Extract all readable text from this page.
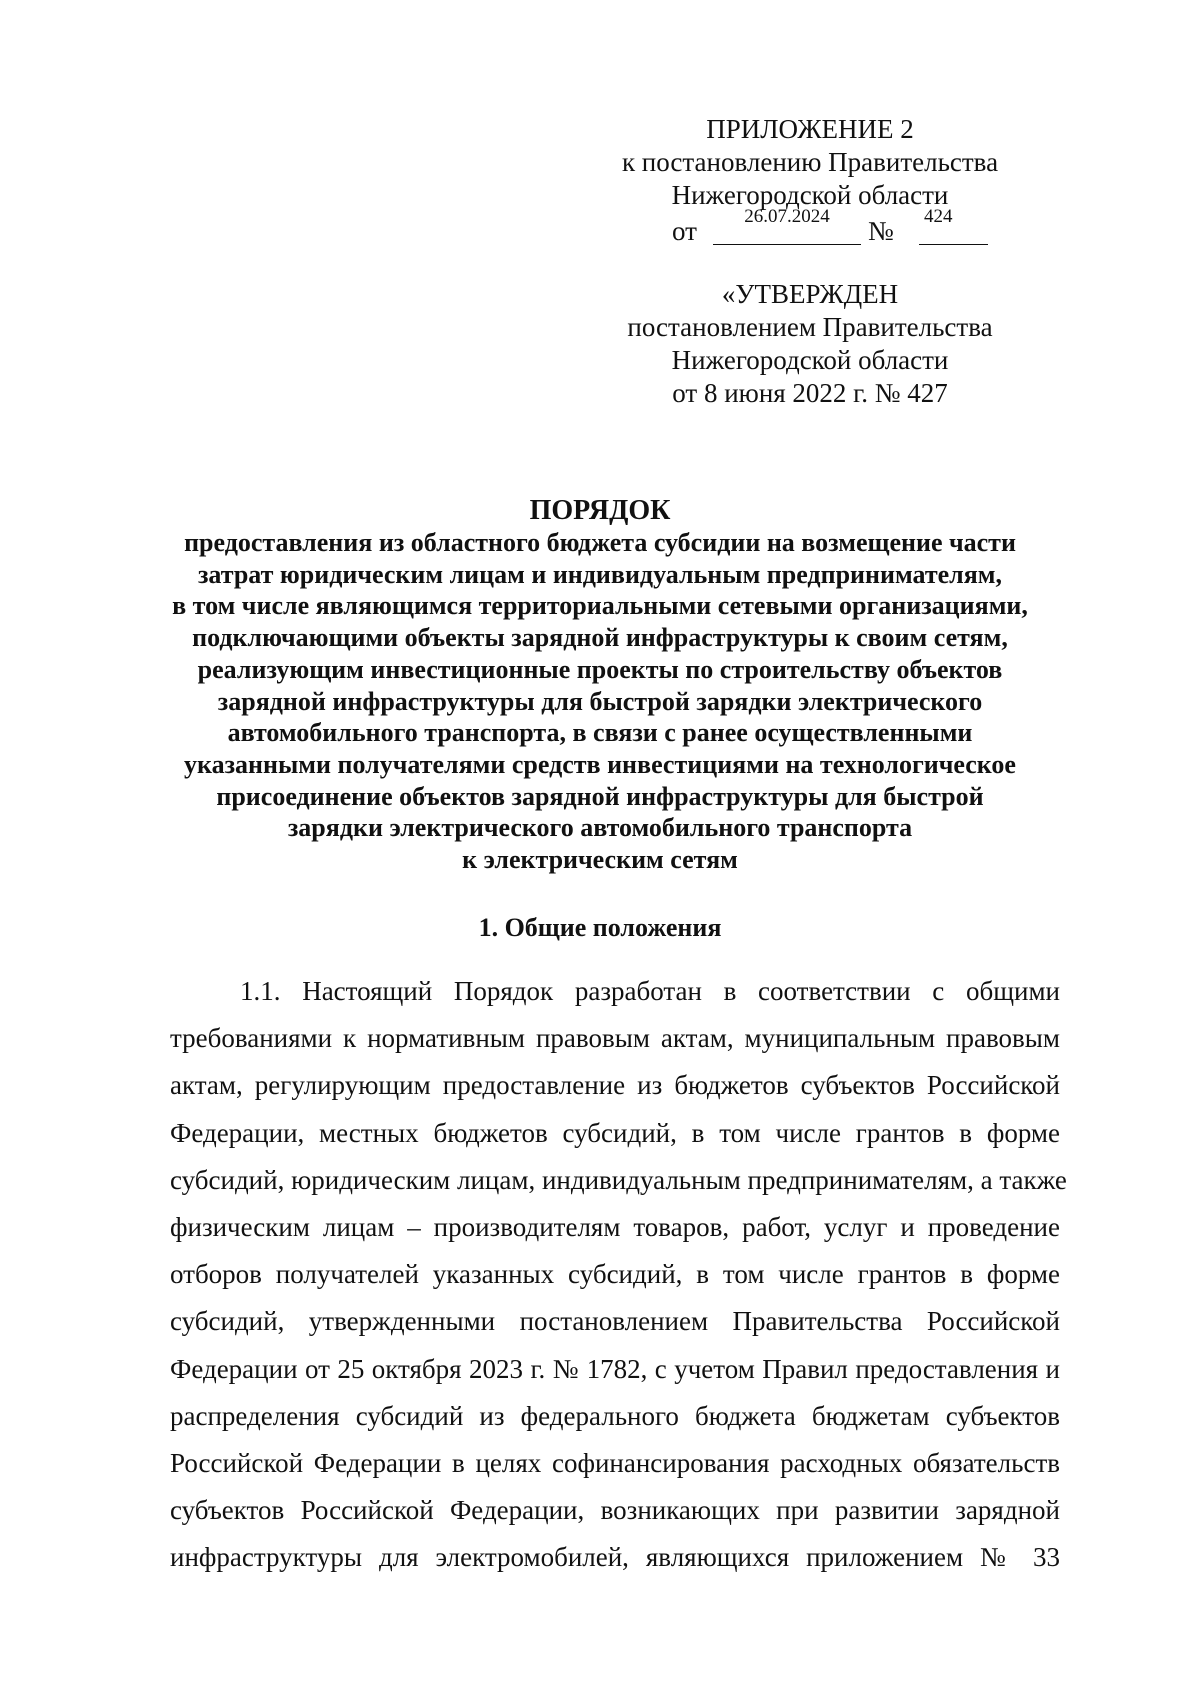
ПРИЛОЖЕНИЕ 2
к постановлению Правительства
Нижегородской области
от	26.07.2024	№ 424
«УТВЕРЖДЕН
постановлением Правительства
Нижегородской области
от 8 июня 2022 г. № 427
ПОРЯДОК
предоставления из областного бюджета субсидии на возмещение части
затрат юридическим лицам и индивидуальным предпринимателям,
в том числе являющимся территориальными сетевыми организациями,
подключающими объекты зарядной инфраструктуры к своим сетям,
реализующим инвестиционные проекты по строительству объектов
зарядной инфраструктуры для быстрой зарядки электрического
автомобильного транспорта, в связи с ранее осуществленными
указанными получателями средств инвестициями на технологическое
присоединение объектов зарядной инфраструктуры для быстрой
зарядки электрического автомобильного транспорта
к электрическим сетям
1. Общие положения
1.1. Настоящий Порядок разработан в соответствии с общими
требованиями к нормативным правовым актам, муниципальным правовым
актам, регулирующим предоставление из бюджетов субъектов Российской
Федерации, местных бюджетов субсидий, в том числе грантов в форме
субсидий, юридическим лицам, индивидуальным предпринимателям, а также
физическим лицам – производителям товаров, работ, услуг и проведение
отборов получателей указанных субсидий, в том числе грантов в форме
субсидий, утвержденными постановлением Правительства Российской
Федерации от 25 октября 2023 г. № 1782, с учетом Правил предоставления и
распределения субсидий из федерального бюджета бюджетам субъектов
Российской Федерации в целях софинансирования расходных обязательств
субъектов Российской Федерации, возникающих при развитии зарядной
инфраструктуры для электромобилей, являющихся приложением № 33
